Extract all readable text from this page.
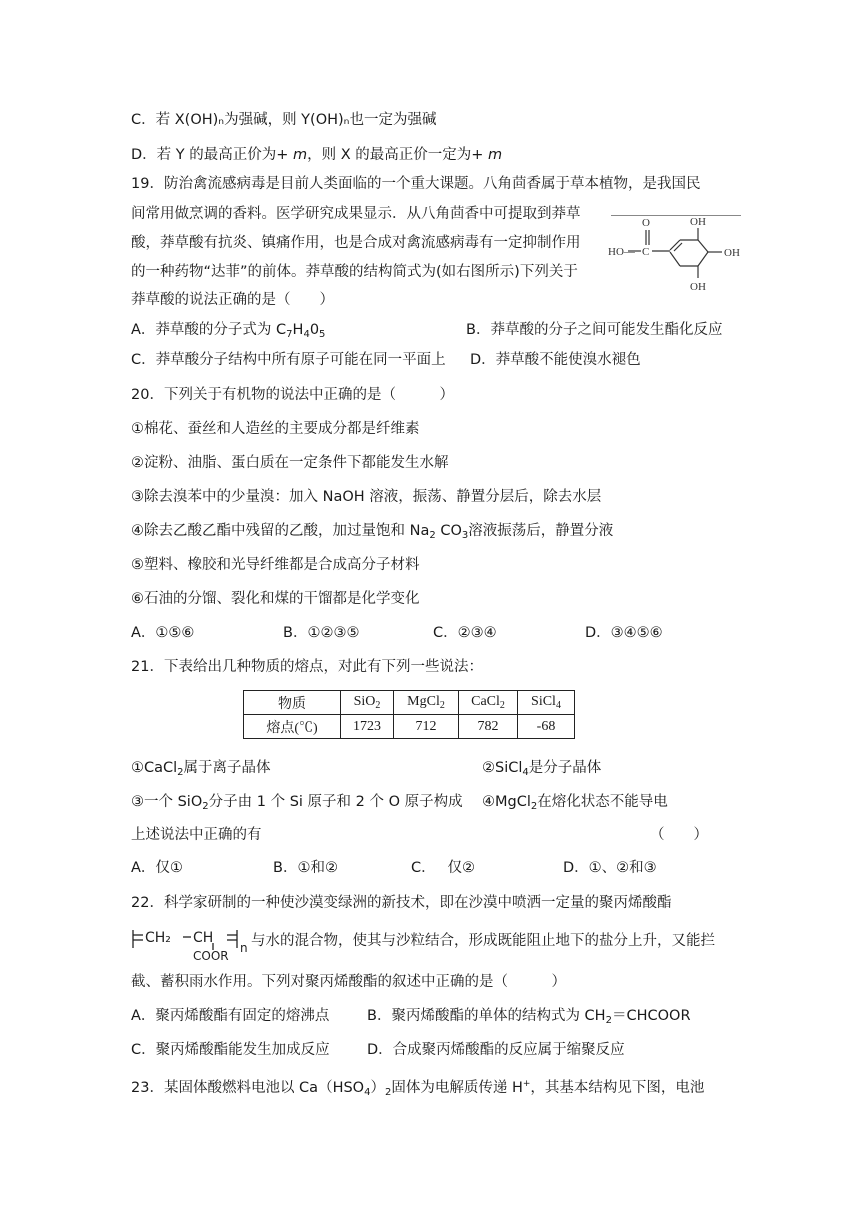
C．若 X(OH)ₙ为强碱，则 Y(OH)ₙ也一定为强碱
D．若 Y 的最高正价为+ m，则 X 的最高正价一定为+ m
19．防治禽流感病毒是目前人类面临的一个重大课题。八角茴香属于草本植物，是我国民
间常用做烹调的香料。医学研究成果显示．从八角茴香中可提取到莽草
酸，莽草酸有抗炎、镇痛作用，也是合成对禽流感病毒有一定抑制作用
的一种药物“达菲”的前体。莽草酸的结构简式为(如右图所示)下列关于
莽草酸的说法正确的是（　　）
O
C
HO—
OH
OH
OH
A．莽草酸的分子式为 $C_7H_40_5$	B．莽草酸的分子之间可能发生酯化反应
C．莽草酸分子结构中所有原子可能在同一平面上 D．莽草酸不能使溴水褪色
20．下列关于有机物的说法中正确的是（　　　）
①棉花、蚕丝和人造丝的主要成分都是纤维素
②淀粉、油脂、蛋白质在一定条件下都能发生水解
③除去溴苯中的少量溴：加入 NaOH 溶液，振荡、静置分层后，除去水层
④除去乙酸乙酯中残留的乙酸，加过量饱和 $Na_2$ $CO_3$溶液振荡后，静置分液
⑤塑料、橡胶和光导纤维都是合成高分子材料
⑥石油的分馏、裂化和煤的干馏都是化学变化
A．①⑤⑥	B．①②③⑤	C．②③④	D．③④⑤⑥
21．下表给出几种物质的熔点，对此有下列一些说法：
物质	SiO$_2$	MgCl$_2$	CaCl$_2$	SiCl$_4$
熔点(℃)	1723	712	782	-68
①CaCl$_2$属于离子晶体	②SiCl$_4$是分子晶体
③一个 SiO$_2$分子由 1 个 Si 原子和 2 个 O 原子构成 ④MgCl$_2$在熔化状态不能导电
上述说法中正确的有	（　　）
A．仅①	B．①和②	C．　 仅②	D．①、②和③
22．科学家研制的一种使沙漠变绿洲的新技术，即在沙漠中喷洒一定量的聚丙烯酸酯
CH₂ CH
COOR
n 与水的混合物，使其与沙粒结合，形成既能阻止地下的盐分上升，又能拦
截、蓄积雨水作用。下列对聚丙烯酸酯的叙述中正确的是（　　　）
A．聚丙烯酸酯有固定的熔沸点	B．聚丙烯酸酯的单体的结构式为 $CH_2=CHCOOR$
C．聚丙烯酸酯能发生加成反应	D．合成聚丙烯酸酯的反应属于缩聚反应
23．某固体酸燃料电池以 $Ca(HSO_4)_2$固体为电解质传递 H+，其基本结构见下图，电池
